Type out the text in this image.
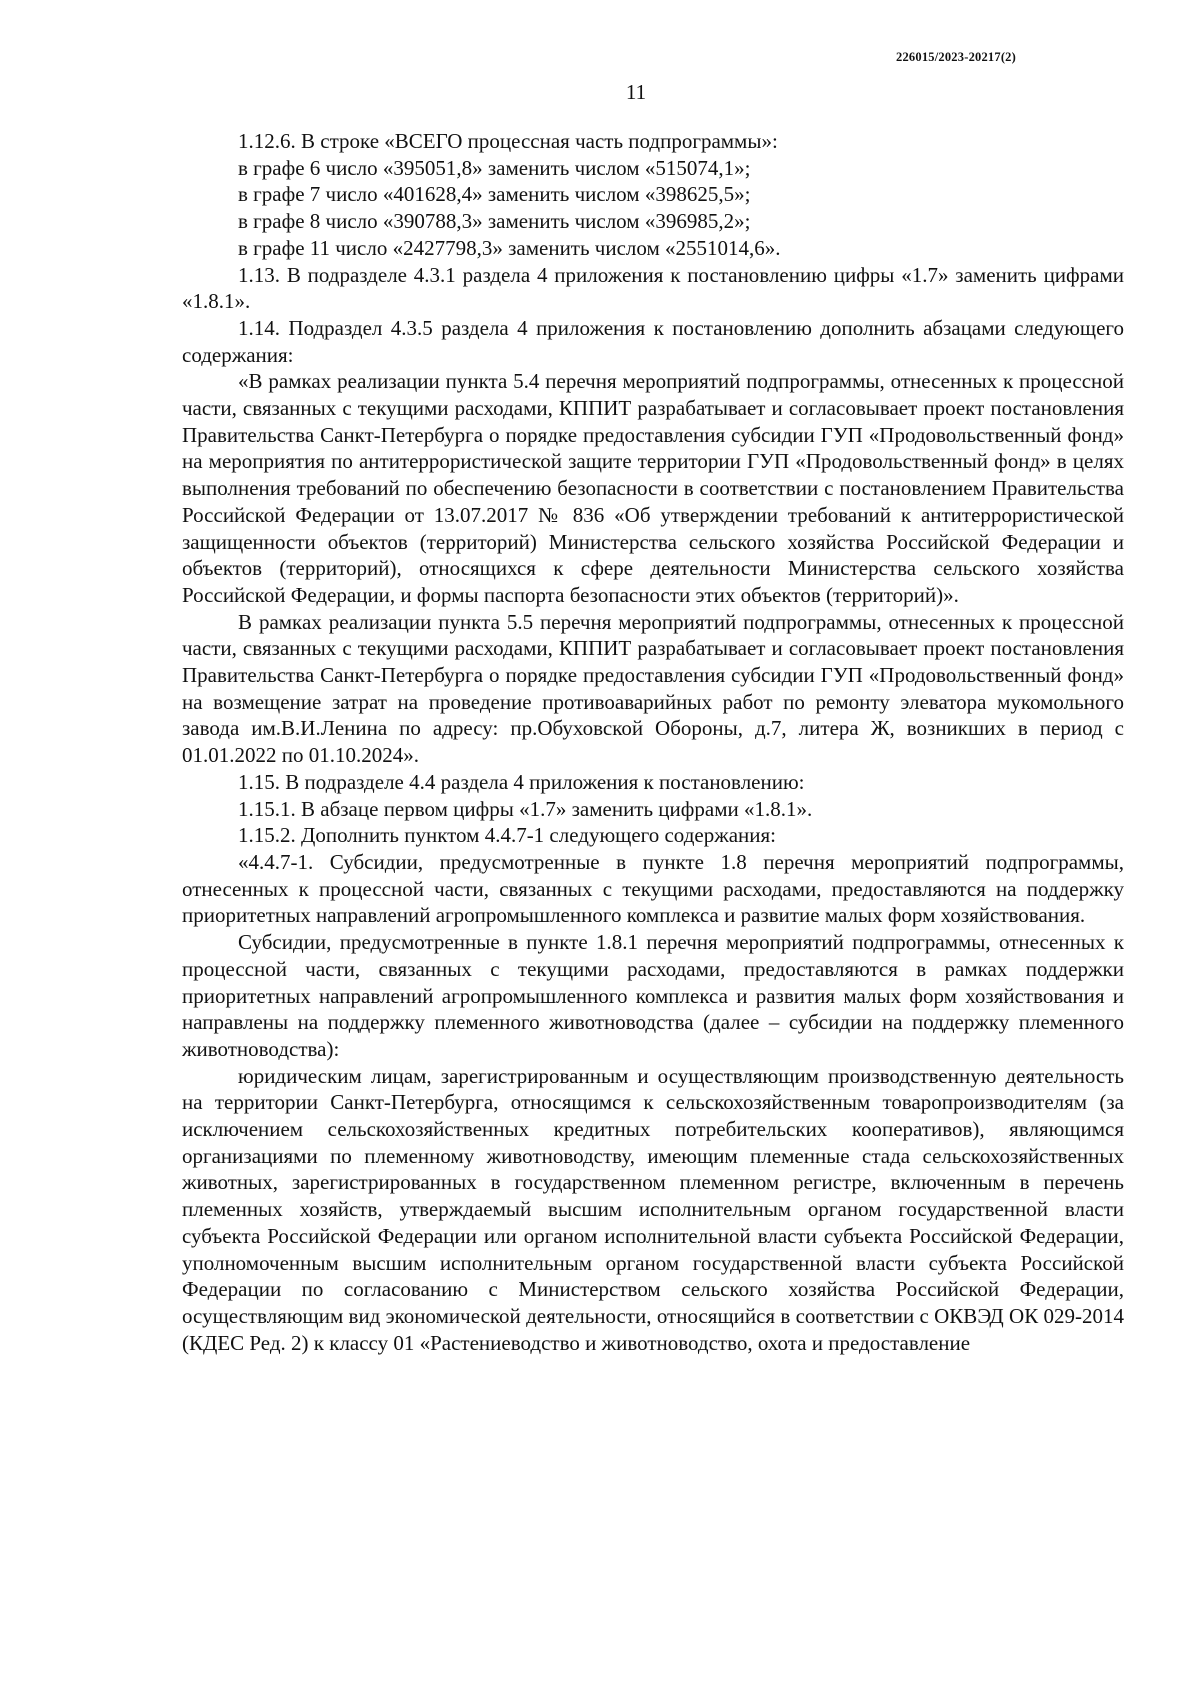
226015/2023-20217(2)
11

1.12.6. В строке «ВСЕГО процессная часть подпрограммы»:

в графе 6 число «395051,8» заменить числом «515074,1»;

в графе 7 число «401628,4» заменить числом «398625,5»;

в графе 8 число «390788,3» заменить числом «396985,2»;

в графе 11 число «2427798,3» заменить числом «2551014,6».

1.13. В подразделе 4.3.1 раздела 4 приложения к постановлению цифры «1.7» заменить цифрами «1.8.1».

1.14. Подраздел 4.3.5 раздела 4 приложения к постановлению дополнить абзацами следующего содержания:

«В рамках реализации пункта 5.4 перечня мероприятий подпрограммы, отнесенных к процессной части, связанных с текущими расходами, КППИТ разрабатывает и согласовывает проект постановления Правительства Санкт-Петербурга о порядке предоставления субсидии ГУП «Продовольственный фонд» на мероприятия по антитеррористической защите территории ГУП «Продовольственный фонд» в целях выполнения требований по обеспечению безопасности в соответствии с постановлением Правительства Российской Федерации от 13.07.2017 № 836 «Об утверждении требований к антитеррористической защищенности объектов (территорий) Министерства сельского хозяйства Российской Федерации и объектов (территорий), относящихся к сфере деятельности Министерства сельского хозяйства Российской Федерации, и формы паспорта безопасности этих объектов (территорий)».

В рамках реализации пункта 5.5 перечня мероприятий подпрограммы, отнесенных к процессной части, связанных с текущими расходами, КППИТ разрабатывает и согласовывает проект постановления Правительства Санкт-Петербурга о порядке предоставления субсидии ГУП «Продовольственный фонд» на возмещение затрат на проведение противоаварийных работ по ремонту элеватора мукомольного завода им.В.И.Ленина по адресу: пр.Обуховской Обороны, д.7, литера Ж, возникших в период с 01.01.2022 по 01.10.2024».

1.15. В подразделе 4.4 раздела 4 приложения к постановлению:

1.15.1. В абзаце первом цифры «1.7» заменить цифрами «1.8.1».

1.15.2. Дополнить пунктом 4.4.7-1 следующего содержания:

«4.4.7-1. Субсидии, предусмотренные в пункте 1.8 перечня мероприятий подпрограммы, отнесенных к процессной части, связанных с текущими расходами, предоставляются на поддержку приоритетных направлений агропромышленного комплекса и развитие малых форм хозяйствования.

Субсидии, предусмотренные в пункте 1.8.1 перечня мероприятий подпрограммы, отнесенных к процессной части, связанных с текущими расходами, предоставляются в рамках поддержки приоритетных направлений агропромышленного комплекса и развития малых форм хозяйствования и направлены на поддержку племенного животноводства (далее – субсидии на поддержку племенного животноводства):

юридическим лицам, зарегистрированным и осуществляющим производственную деятельность на территории Санкт-Петербурга, относящимся к сельскохозяйственным товаропроизводителям (за исключением сельскохозяйственных кредитных потребительских кооперативов), являющимся организациями по племенному животноводству, имеющим племенные стада сельскохозяйственных животных, зарегистрированных в государственном племенном регистре, включенным в перечень племенных хозяйств, утверждаемый высшим исполнительным органом государственной власти субъекта Российской Федерации или органом исполнительной власти субъекта Российской Федерации, уполномоченным высшим исполнительным органом государственной власти субъекта Российской Федерации по согласованию с Министерством сельского хозяйства Российской Федерации, осуществляющим вид экономической деятельности, относящийся в соответствии с ОКВЭД ОК 029-2014 (КДЕС Ред. 2) к классу 01 «Растениеводство и животноводство, охота и предоставление
